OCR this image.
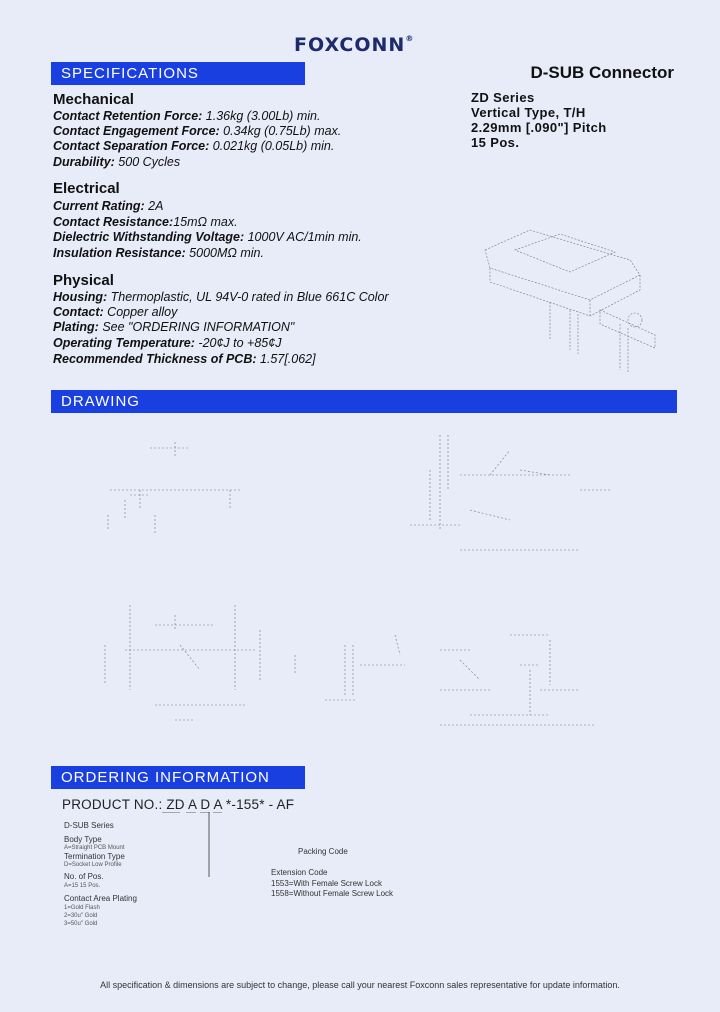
FOXCONN®
SPECIFICATIONS	D-SUB Connector
ZD Series
Vertical Type, T/H
2.29mm [.090"] Pitch
15 Pos.
Mechanical
Contact Retention Force: 1.36kg (3.00Lb) min.
Contact Engagement Force: 0.34kg (0.75Lb) max.
Contact Separation Force: 0.021kg (0.05Lb) min.
Durability: 500 Cycles
Electrical
Current Rating: 2A
Contact Resistance:15mΩ max.
Dielectric Withstanding Voltage: 1000V AC/1min min.
Insulation Resistance: 5000MΩ min.
Physical
Housing: Thermoplastic, UL 94V-0 rated in Blue 661C Color
Contact: Copper alloy
Plating: See "ORDERING INFORMATION"
Operating Temperature: -20¢J to +85¢J
Recommended Thickness of PCB: 1.57[.062]
DRAWING
ORDERING INFORMATION
PRODUCT NO.: ZD A D A *-155* - AF
D-SUB Series
Body Type
A=Straight PCB Mount
Termination Type
D=Socket Low Profile
No. of Pos.
A=15 15 Pos.
Contact Area Plating
1=Gold Flash
2=30u" Gold
3=50u" Gold
Packing Code
Extension Code
1553=With Female Screw Lock
1558=Without Female Screw Lock
All specification & dimensions are subject to change, please call your nearest Foxconn sales representative for update information.
